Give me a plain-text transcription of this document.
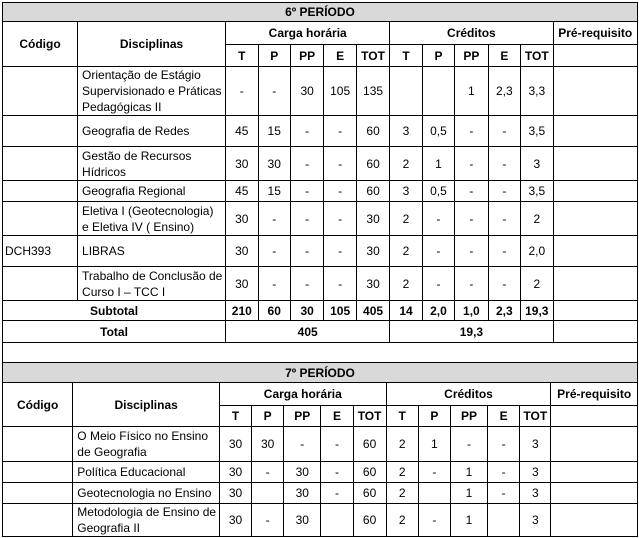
6º PERÍODO												
Código	Disciplinas	Carga horária					Créditos					Pré-requisito
		T	P	PP	E	TOT	T	P	PP	E	TOT	
	Orientação de Estágio Supervisionado e Práticas Pedagógicas II	-	-	30	105	135			1	2,3	3,3	
	Geografia de Redes	45	15	-	-	60	3	0,5	-	-	3,5	
	Gestão de Recursos Hídricos	30	30	-	-	60	2	1	-	-	3	
	Geografia Regional	45	15	-	-	60	3	0,5	-	-	3,5	
	Eletiva I (Geotecnologia) e Eletiva IV ( Ensino)	30	-	-	-	30	2	-	-	-	2	
DCH393	LIBRAS	30	-	-	-	30	2	-	-	-	2,0	
	Trabalho de Conclusão de Curso I – TCC I	30	-	-	-	30	2	-	-	-	2	
Subtotal		210	60	30	105	405	14	2,0	1,0	2,3	19,3	
Total		405					19,3					

7º PERÍODO												
Código	Disciplinas	Carga horária					Créditos					Pré-requisito
		T	P	PP	E	TOT	T	P	PP	E	TOT	
	O Meio Físico no Ensino de Geografia	30	30	-	-	60	2	1	-	-	3	
	Política Educacional	30	-	30	-	60	2	-	1	-	3	
	Geotecnologia no Ensino	30		30	-	60	2		1	-	3	
	Metodologia de Ensino de Geografia II	30	-	30		60	2	-	1		3	
